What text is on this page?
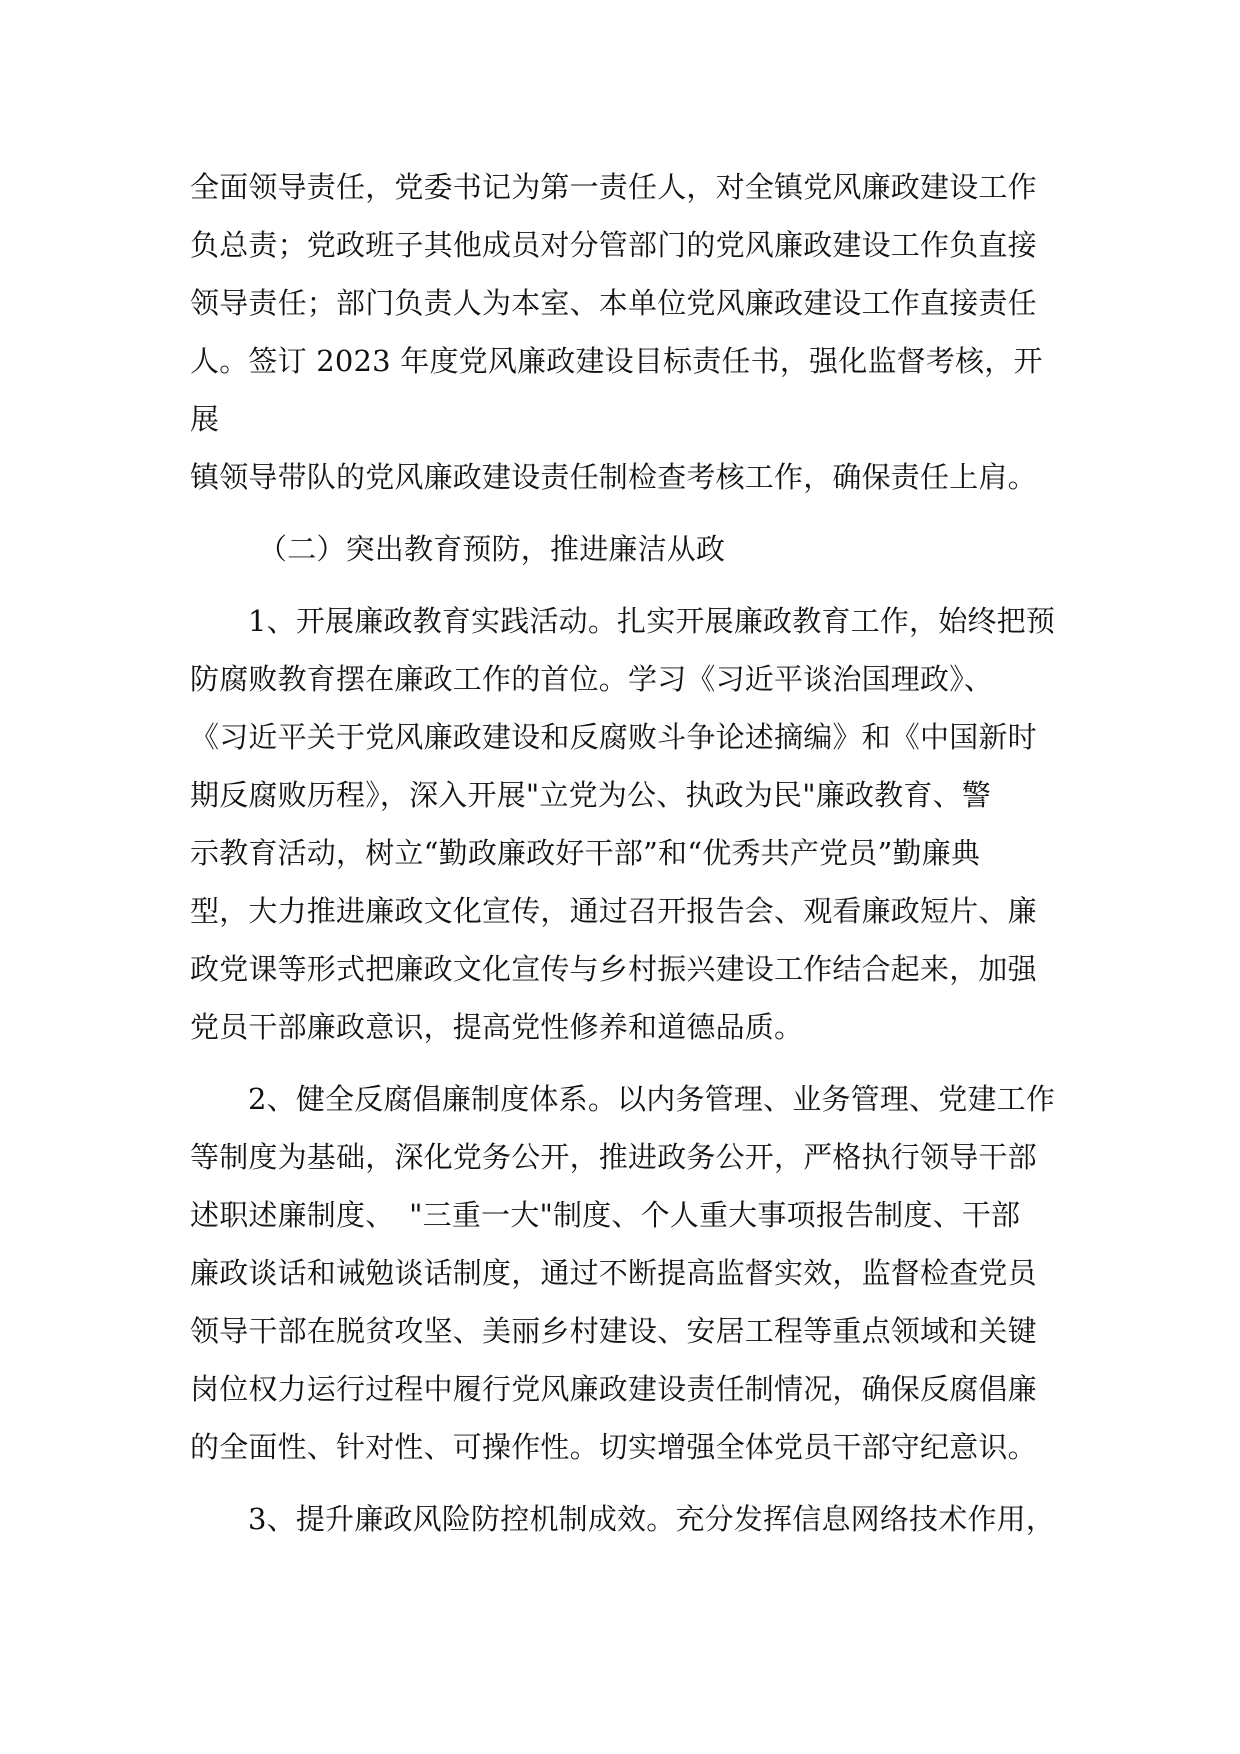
全面领导责任，党委书记为第一责任人，对全镇党风廉政建设工作
负总责；党政班子其他成员对分管部门的党风廉政建设工作负直接
领导责任；部门负责人为本室、本单位党风廉政建设工作直接责任
人。签订 2023 年度党风廉政建设目标责任书，强化监督考核，开
展
镇领导带队的党风廉政建设责任制检查考核工作，确保责任上肩。
（二）突出教育预防，推进廉洁从政
1、开展廉政教育实践活动。扎实开展廉政教育工作，始终把预
防腐败教育摆在廉政工作的首位。学习《习近平谈治国理政》、
《习近平关于党风廉政建设和反腐败斗争论述摘编》和《中国新时
期反腐败历程》，深入开展"立党为公、执政为民"廉政教育、警
示教育活动，树立“勤政廉政好干部”和“优秀共产党员”勤廉典
型，大力推进廉政文化宣传，通过召开报告会、观看廉政短片、廉
政党课等形式把廉政文化宣传与乡村振兴建设工作结合起来，加强
党员干部廉政意识，提高党性修养和道德品质。
2、健全反腐倡廉制度体系。以内务管理、业务管理、党建工作
等制度为基础，深化党务公开，推进政务公开，严格执行领导干部
述职述廉制度、　"三重一大"制度、个人重大事项报告制度、干部
廉政谈话和诫勉谈话制度，通过不断提高监督实效，监督检查党员
领导干部在脱贫攻坚、美丽乡村建设、安居工程等重点领域和关键
岗位权力运行过程中履行党风廉政建设责任制情况，确保反腐倡廉
的全面性、针对性、可操作性。切实增强全体党员干部守纪意识。
3、提升廉政风险防控机制成效。充分发挥信息网络技术作用，
